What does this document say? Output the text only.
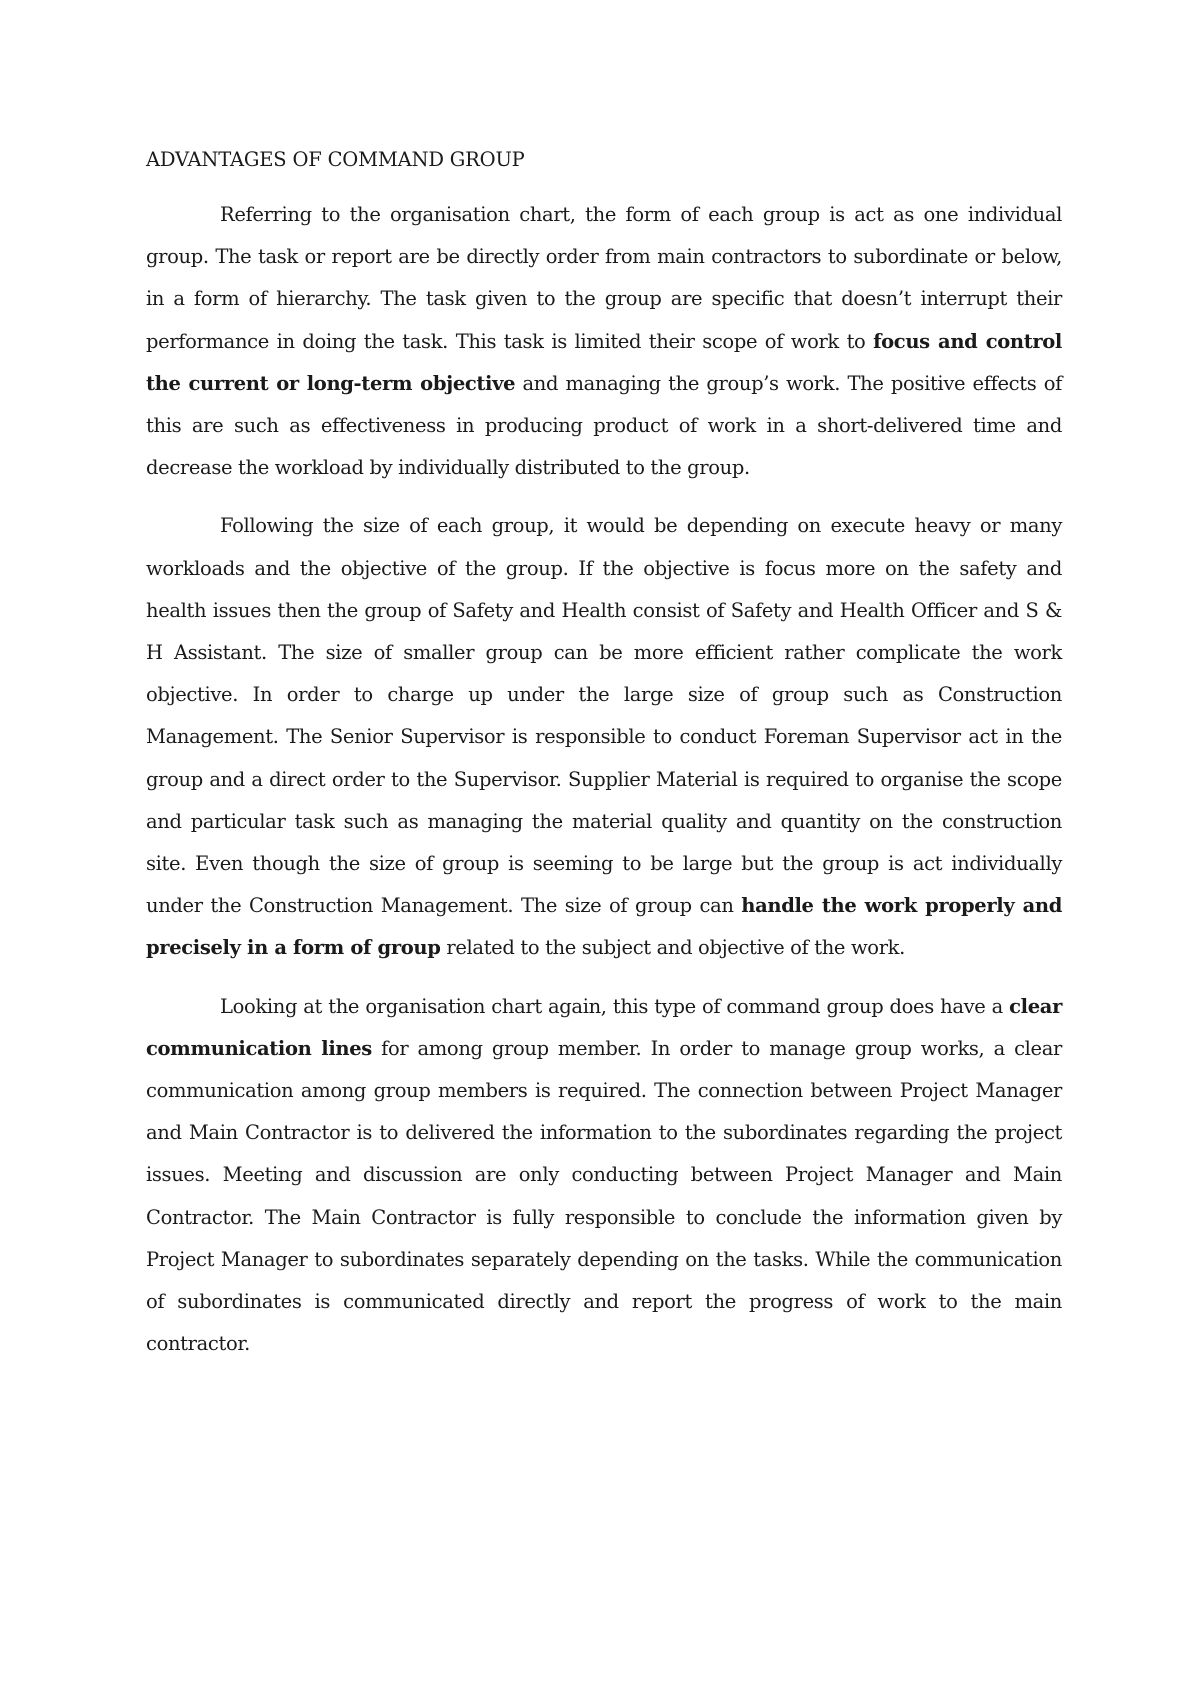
ADVANTAGES OF COMMAND GROUP

Referring to the organisation chart, the form of each group is act as one individual group. The task or report are be directly order from main contractors to subordinate or below, in a form of hierarchy. The task given to the group are specific that doesn’t interrupt their performance in doing the task. This task is limited their scope of work to focus and control the current or long-term objective and managing the group’s work. The positive effects of this are such as effectiveness in producing product of work in a short-delivered time and decrease the workload by individually distributed to the group.

Following the size of each group, it would be depending on execute heavy or many workloads and the objective of the group. If the objective is focus more on the safety and health issues then the group of Safety and Health consist of Safety and Health Officer and S & H Assistant. The size of smaller group can be more efficient rather complicate the work objective. In order to charge up under the large size of group such as Construction Management. The Senior Supervisor is responsible to conduct Foreman Supervisor act in the group and a direct order to the Supervisor. Supplier Material is required to organise the scope and particular task such as managing the material quality and quantity on the construction site. Even though the size of group is seeming to be large but the group is act individually under the Construction Management. The size of group can handle the work properly and precisely in a form of group related to the subject and objective of the work.

Looking at the organisation chart again, this type of command group does have a clear communication lines for among group member. In order to manage group works, a clear communication among group members is required. The connection between Project Manager and Main Contractor is to delivered the information to the subordinates regarding the project issues. Meeting and discussion are only conducting between Project Manager and Main Contractor. The Main Contractor is fully responsible to conclude the information given by Project Manager to subordinates separately depending on the tasks. While the communication of subordinates is communicated directly and report the progress of work to the main contractor.
